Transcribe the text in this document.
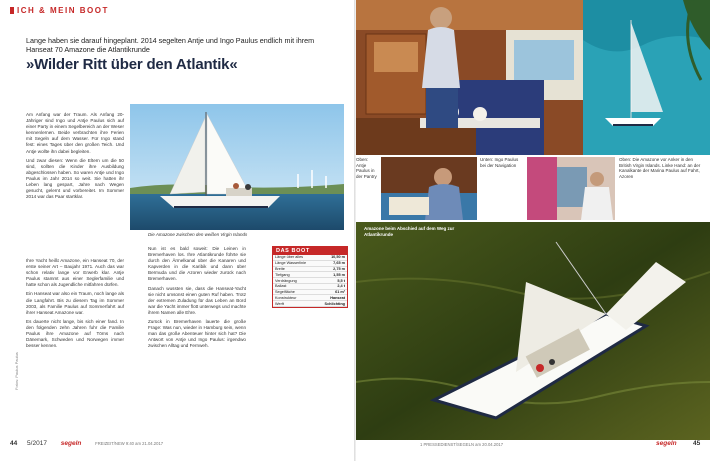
ICH & MEIN BOOT
Lange haben sie darauf hingeplant. 2014 segelten Antje und Ingo Paulus endlich mit ihrem Hanseat 70 Amazone die Atlantikrunde
»Wilder Ritt über den Atlantik«

Am Anfang war der Traum. Als Anfang 20-Jähriger sind Ingo und Antje Paulus sich auf einer Party in einem Segelbereich an der Weser kennenlernen. Beide verbrachten ihre Ferien mit Segeln auf dem Wasser. Für Ingo stand fest: eines Tages über den großen Teich. Und Antje wollte ihn dabei begleiten.

Und zwar diesen: Wenn die Eltern um die 50 sind, sollten die Kinder ihre Ausbildung abgeschlossen haben. So waren Antje und Ingo Paulus im Jahr 2014 so weit. Sie hatten ihr Leben lang gespart, Jahre nach Wegen gesucht, gelernt und vorbereitet. Im Sommer 2014 war das Paar startklar.

Die Amazone zwischen den weißen Virgin Islands

Ihre Yacht heißt Amazone, ein Hanseat 70, der erste seiner Art – Baujahr 1971. Auch das war schon relativ lange vor Erwerb klar. Antje Paulus stammt aus einer Seglerfamilie und hatte schon als Jugendliche mitfahren dürfen.

Ein Hanseat war also ein Traum, noch lange als die Langfahrt. Bis zu diesem Tag im Sommer 2003, als Familie Paulus auf Sommerfahrt auf ihrer Hanseat Amazone war.

Es dauerte nicht lange, bis sich einer fand. In den folgenden zehn Jahren fuhr die Familie Paulus ihre Amazone auf Törns nach Dänemark, Schweden und Norwegen immer besser kennen.

Nun ist es bald soweit: Die Leinen in Bremerhaven los. Ihre Atlantikrunde führte sie durch den Ärmelkanal über die Kanaren und Kapverden in die Karibik und dann über Bermuda und die Azoren wieder zurück nach Bremerhaven.

Danach wussten sie, dass die Hanseat-Yacht sie nicht umsonst einen guten Ruf haben. Trotz der extremen Zuladung für das Leben an Bord war die Yacht immer flott unterwegs und machte ihrem Namen alle Ehre.

Zurück in Bremerhaven lauerte die große Frage: Was nun, wieder in Hamburg sein, wenn man das große Abenteuer hinter sich hat? Die Antwort von Antje und Ingo Paulus: irgendwo zwischen Alltag und Fernweh.

DAS BOOT
Länge über alles	10,50 m
Länge Wasserlinie	7,65 m
Breite	2,75 m
Tiefgang	1,55 m
Verdrängung	5,5 t
Ballast	2,4 t
Segelfläche	61 m²
Konstrukteur	Hanseat
Werft	Schlichting
Fotos: Paulus Paulus
44 5/2017 segeln	FREIZEIT/NEW 9:40 am 21.04.2017
Oben: Antje Paulus in der Pantry
Unten: Ingo Paulus bei der Navigation
Oben: Die Amazone vor Anker in den British Virgin Islands. Linke Hand: an der Kanalkante der Marina Paulus auf Fahrt, Azoren
Amazone beim Abschied auf dem Weg zur Atlantikrunde
1 PRESSEDIENST/SEGELN am 20.04.2017	segeln	45
